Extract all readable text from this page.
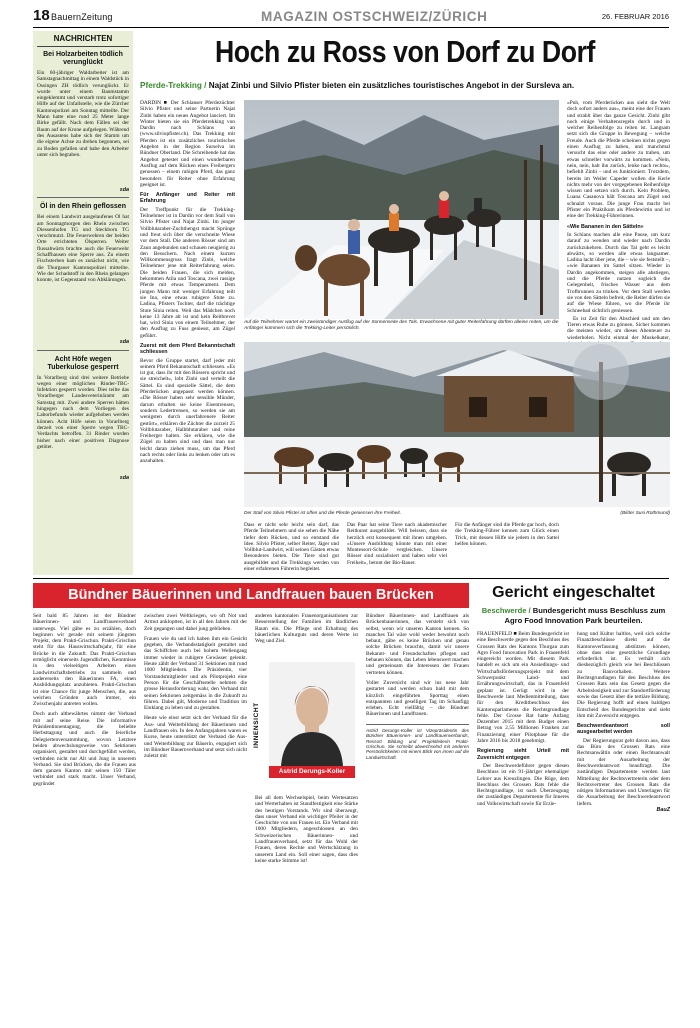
18 BauernZeitung	MAGAZIN OSTSCHWEIZ/ZÜRICH	26. FEBRUAR 2016
NACHRICHTEN
Bei Holzarbeiten tödlich verunglückt
Ein 60-jähriger Waldarbeiter ist am Samstagnachmittag in einem Waldstück in Ossingen ZH tödlich verunglückt. Er wurde unter einem Baumstamm eingeklemmt und verstarb trotz sofortiger Hilfe auf der Unfallstelle, wie die Zürcher Kantonspolizei am Sonntag mitteilte. Der Mann hatte eine rund 25 Meter lange Birke gefällt. Nach dem Fällen sei der Baum auf der Krone aufgelegen. Während des Ausastens habe sich der Stamm um die eigene Achse zu drehen begonnen, sei zu Boden gefallen und habe den Arbeiter unter sich begraben.
sda
Öl in den Rhein geflossen
Bei einem Landwirt ausgelaufenes Öl hat am Sonntagmorgen den Rhein zwischen Diessenhofen TG und Steckborn TG verschmutzt. Die Feuerwehren der beiden Orte errichteten Ölsperren. Weiter flussabwärts brachte auch die Feuerwehr Schaffhausen eine Sperre aus. Zu einem Fischsterben kam es zunächst nicht, wie die Thurgauer Kantonspolizei mitteilte. Wie der Schadstoff in den Rhein gelangen konnte, ist Gegenstand von Abklärungen.
sda
Acht Höfe wegen Tuberkulose gesperrt
In Vorarlberg sind drei weitere Betriebe wegen einer möglichen Rinder-TBC-Infektion gesperrt worden. Dies teilte das Vorarlberger Landesveterinäramt am Samstag mit. Zwei andere Sperren hätten hingegen nach dem Vorliegen des Laborbefunds wieder aufgehoben werden können. Acht Höfe seien in Vorarlberg derzeit von einer Sperre wegen TBC-Verdachts betroffen. 31 Rinder wurden bisher nach einer positiven Diagnose getötet.
sda
Hoch zu Ross von Dorf zu Dorf
Pferde-Trekking / Najat Zinbi und Silvio Pfister bieten ein zusätzliches touristisches Angebot in der Sursleva an.
DARDIN ■ Der Schlanser Pferdezüchter Silvio Pfister und seine Partnerin Najat Zinbi haben ein neues Angebot lanciert. Im Winter bieten sie ein Pferdetrekking von Dardin nach Schlans an (www.silviopfister.ch). Das Trekking mit Pferden ist ein zusätzliches touristisches Angebot in der Region Surselva im Bündner Oberland. Die Schreibende hat das Angebot getestet und einen wunderbaren Ausflug auf dem Rücken eines Freibergers genossen – einem ruhigen Pferd, das ganz besonders für Reiter ohne Erfahrung geeignet ist.
Für Anfänger und Reiter mit Erfahrung
Der Treffpunkt für die Trekking-Teilnehmer ist in Dardin vor dem Stall von Silvio Pfister und Najat Zinbi. Im junger Vollblutaraber-Zuchthengst macht Sprünge und freut sich über die verschneite Wiese vor dem Stall. Die anderen Rösser sind am Zaun angebunden und schauen neugierig zu den Besuchern. Nach einem kurzen Willkommensgruss fragt Zinbi, welche Teilnehmer jene mit Reiterfahrung seien. Die beiden Frauen, die sich melden, bekommen Atila und Toscana, zwei rassige Pferde mit etwas Temperament. Dem jungen Mann mit weniger Erfahrung teilt sie Ina, eine etwas ruhigere Stute zu. Ladina, Pfisters Tochter, darf die trächtige Stute Sinia reiten. Weil das Mädchen noch keine 13 Jahre alt ist und kein Reitbrevet hat, wird Sinia von einem Teilnehmer, der den Ausflug zu Fuss geniesst, am Zügel geführt.
Zuerst mit dem Pferd Bekanntschaft schliessen
Bevor die Gruppe startet, darf jeder mit seinem Pferd Bekanntschaft schliessen. «Es ist gut, dass ihr mit den Rössern spricht und sie streichelt», lobt Zinbi und verteilt die Sättel. Es sind spezielle Sättel, die dem Pferderücken angepasst werden können. «Die Rösser haben sehr sensible Münder, darum erhalten sie keine Eisentrensen, sondern Ledertrensen, so werden sie am wenigsten durch unerfahrenere Reiter gestört», erklären die Züchter die zurzeit 25 Vollblutaraber, Halbblutaraber und reine Freiberger halten. Sie erklären, wie die Zügel zu halten sind und dass man nur leicht daran ziehen muss, um das Pferd nach rechts oder links zu lenken oder um es anzuhalten.
Auf die Teilnehmer wartet ein zweistündiger Ausflug auf der Sonnenseite des Tals. Erwachsene mit guter Reiterfahrung dürften alleine reiten, um die Anfänger kümmern sich die Trekking-Leiter persönlich.
«Puh, vom Pferderücken aus sieht die Welt doch sofort anders aus», meint eine der Frauen und strahlt über das ganze Gesicht. Zinbi gibt noch einige Verhaltensregeln durch und in welcher Reihenfolge zu reiten ist. Langsam setzt sich die Gruppe in Bewegung – welche Freude. Auch die Pferde scheinen nichts gegen einen Ausflug zu haben, und manchmal versucht das eine oder andere zu traben, um etwas schneller vorwärts zu kommen. «Nein, nein, nein, halt ihn zurück, lenke nach rechts», befiehlt Zinbi – und es funktioniert. Trotzdem, bereits im Weiler Capeder wollen die Kerle nichts mehr von der vorgegebenen Reihenfolge wissen und setzen sich durch. Kein Problem, Luana Casanova hält Toscana am Zügel und schnalzt voraus. Die junge Frau macht bei Pfister ein Praktikum als Pferdewirtin und ist eine der Trekking-Führerinnen.
«Wie Bananen in den Sätteln»
In Schlans machen alle eine Pause, um kurz darauf zu wenden und wieder nach Dardin zurückzukehren. Durch das Tal geht es leicht abwärts, so werden alle etwas langsamer. Ladina lacht über jene, die – wie sie feststellt –, «wie Bananen im Sattel sitzen. Wieder in Dardin angekommen, steigen alle abstiegen, und die Pferde nutzen sogleich die Gelegenheit, frisches Wasser aus dem Trofbrunnen zu trinken. Vor dem Stall werden sie von den Sätteln befreit, die Reiter dürfen sie auf die Wiese führen, wo die Pferde ihr Schneebad sichtlich geniessen.
Es ist Zeit für den Abschied und um den Tieren etwas Ruhe zu gönnen. Sicher kommen die meisten wieder, um dieses Abenteuer zu wiederholen. Nicht einmal der Muskelkater,
Der Stall von Silvio Pfister ist offen und die Pferde geniessen ihre Freiheit.	(Bilder Susi Rothmund)
Dass er nicht sehr leicht sein darf, das Pferde Teilnehmern und sie sehen die Nähe tiefer dem Rücken, und so entstand die Idee. Silvio Pfister, selber Reiter, Jäger und Vollblut-Landwirt, will seinen Gästen etwas Besonderes bieten. Die Tiere sind gut ausgebildet und die Trekkings werden von einer erfahrenen Führerin begleitet.
Das Paar hat seine Tiere nach akademischer Reitkunst ausgebildet. Will heissen, dass sie herzlich erst konsequent mit ihnen umgehen. «Unsere Ausbildung könnte man mit einer Montessori-Schule vergleichen. Unsere Rösser sind sozialisiert und haben sehr viel Freiheit», betont der Bio-Bauer.
Für die Anfänger sind die Pferde gar hoch, doch die Trekking-Führer kennen zum Glück einen Trick, mit dessen Hilfe sie jedem in den Sattel helfen können.
Bündner Bäuerinnen und Landfrauen bauen Brücken
Seit bald 85 Jahren ist der Bündner Bäuerinnen- und Landfrauenverband unterwegs. Viel gäbe es zu erzählen, doch beginnen wir gerade mit seinem jüngsten Projekt, dem Prakti-Grischun. Prakti-Grischun steht für das Hauswirtschaftsjahr, für eine Brücke in die Zukunft. Das Prakti-Grischun ermöglicht einerseits Jugendlichen, Kenntnisse in den vielseitigen Arbeiten eines Landwirtschaftsbetriebs zu sammeln und andererseits den Bäuerinnen FA, einen Ausbildungsplatz anzubieten. Prakti-Grischun ist eine Chance für junge Menschen, die, aus welchen Gründen auch immer, ein Zwischenjahr antreten wollen.
Doch auch altbewährtes nimmt der Verband mit auf seine Reise. Die informative Präsidentinnentagung, die beliebte Herbsttagung und auch die feierliche Delegiertenversammlung, wovon Letztere beiden abwechslungsweise von Sektionen organisiert, gestaltet und durchgeführt werden, verbinden nicht nur Alt und Jung in unserem Verband. Sie sind Brücken, die die Frauen aus dem ganzen Kanton mit seinen 150 Täler verbindet und stark macht. Unser Verband, gegründet
zwischen zwei Weltkriegen, wo oft Not und Armut ankloptten, ist in all den Jahren mit der Zeit gegangen und dabei jung geblieben.
Frauen wie du und ich haben ihm ein Gesicht gegeben, die Verbandsstatigkeit gestaltet und das Schiffchen auch bei hohem Wellengang immer wieder in ruhigere Gewässer gelenkt. Heute zählt der Verband 31 Sektionen mit rund 1000 Mitgliedern. Die Präsidentin, vier Vorstandsmitglieder und als Pilotprojekt eine Person für die Geschäftsstelle nehmen die grosse Herausforderung wahr, den Verband mit seinen Sektionen zeitgemäss in die Zukunft zu führen. Dabei gilt, Moderne und Tradition im Einklang zu leben und zu gestalten.
Heute wie einst setzt sich der Verband für die Aus- und Weiterbildung der Bäuerinnen und Landfrauen ein. In den Anfangsjahren waren es Kurse, heute unterstützt der Verband die Aus- und Weiterbildung zur Bäuerin, engagiert sich im Bündner Bauernverband und setzt sich nicht zuletzt mit
anderen kantonalen Frauenorganisationen zur Besserstellung der Familien im ländlichen Raum ein. Die Pflege und Erhaltung des bäuerlichen Kulturguts und deren Werte ist Weg und Ziel.
INNENSICHT
Astrid Derungs-Koller
Bei all dem Wechselspiel, beim Wertesatzen und Werterhalten ist Standfestigkeit eine Stärke des heutigen Vorstands. Wir sind überzeugt, dass unser Verband ein wichtiger Pfeiler in der Geschichte von uns Frauen ist. Ein Verband mit 1000 Mitgliedern, angeschlossen an den Schweizerischen Bäuerinnen- und Landfrauenverband, setzt für das Wohl der Frauen, deren Rechte und Wertschätzung in unserem Land ein. Soll einer sagen, dass dies keine starke Stimme ist!
Bündner Bäuerinnen- und Landfrauen als Brückenbauerinnen, das versteht sich von selbst, wenn wir unseren Kanton kennen. So manches Tal wäre wohl weder bewohnt noch bebaut, gäbe es keine Brücken und genau solche Brücken brauchts, damit wir unsere Bekannt- und Freundschaften pflegen und bebauen können, das Leben lebenswert machen und gemeinsam die Interessen der Frauen vertreten können.
Voller Zuversicht sind wir ins neue Jahr gestartet und werden schon bald mit dem kürzlich eingeführten Sporttag einen entspannten und geselligen Tag im Schanfigg erleben. Echt vielfältig – die Bündner Bäuerinnen und Landfrauen.
Astrid Derungs-Koller ist Vizepräsidentin des Bündner Bäuerinnen- und Landfrauenverbands, Ressort Bildung und Projektleiterin Prakti-Grischun. Sie schreibt abwechselnd mit anderen Persönlichkeiten mit einem Blick von innen auf die Landwirtschaft.
Gericht eingeschaltet
Beschwerde / Bundesgericht muss Beschluss zum Agro Food Innovation Park beurteilen.
FRAUENFELD ■ Beim Bundesgericht ist eine Beschwerde gegen den Beschluss des Grossen Rats des Kantons Thurgau zum Agro Food Innovation Park in Frauenfeld eingereicht worden. Mit diesem Park handelt es sich um ein Ansiedlungs- und Wirtschaftsförderungsprojekt mit dem Schwerpunkt Land- und Ernährungswirtschaft, das in Frauenfeld geplant ist. Gerügt wird in der Beschwerde laut Medienmitteilung, dass für den Kreditbeschluss des Kantonsparlaments die Rechtsgrundlage fehle. Der Grosse Rat hatte Anfang Dezember 2015 mit dem Budget einen Betrag von 2,55 Millionen Franken zur Finanzierung einer Pilotphase für die Jahre 2016 bis 2018 genehmigt.
Regierung sieht Urteil mit Zuversicht entgegen
Der Beschwerdeführer gegen diesen Beschluss ist ein 91-jähriger ehemaliger Lehrer aus Kreuzlingen. Die Rüge, dem Beschluss des Grossen Rats fehle die Rechtsgrundlage, ist nach Überzeugung der zuständigen Departemente für Inneres und Volkswirtschaft sowie für Erzie-
hung und Kultur haltlos, weil sich solche Finanzbeschlüsse direkt auf die Kantonsverfassung abstützen können, ohne dass eine gesetzliche Grundlage erforderlich ist. Es verhält sich diesbezüglich gleich wie bei Beschlüssen zu Bauvorhaben. Weitere Rechtsgrundlagen für den Beschluss des Grossen Rats sein das Gesetz gegen die Arbeitslosigkeit und zur Standortförderung sowie das Gesetz über die tertiäre Bildung. Die Regierung hofft auf einen baldigen Entscheid des Bundesgerichts und sieht ihm mit Zuversicht entgegen.
Beschwerdeantwort soll ausgearbeitet werden
Der Regierungsrat geht davon aus, dass das Büro des Grossen Rats eine Rechtsanwältin oder einen Rechtsanwalt mit der Ausarbeitung der Beschwerdeantwort beauftragt. Die zuständigen Departemente werden laut Mitteilung der Rechtsvertreterin oder dem Rechtsvertreter des Grossen Rats die nötigen Informationen und Unterlagen für die Ausarbeitung der Beschwerdeantwort liefern.
BauZ
